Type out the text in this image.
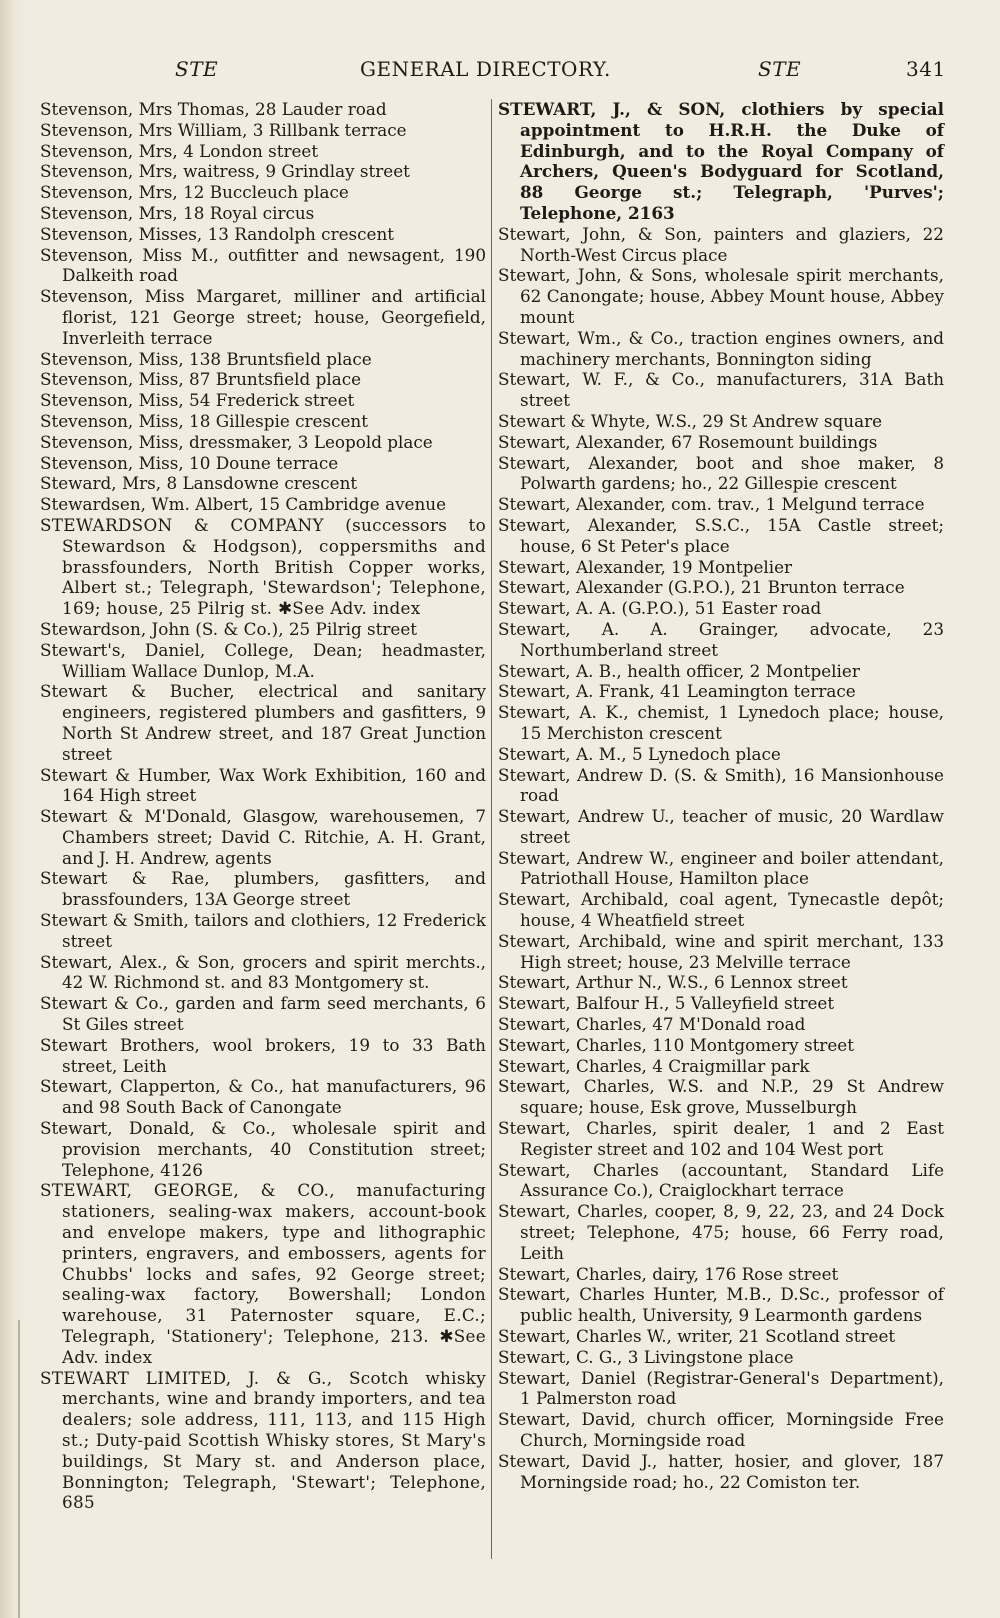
STE	GENERAL DIRECTORY.	STE	341
Stevenson, Mrs Thomas, 28 Lauder road
Stevenson, Mrs William, 3 Rillbank terrace
Stevenson, Mrs, 4 London street
Stevenson, Mrs, waitress, 9 Grindlay street
Stevenson, Mrs, 12 Buccleuch place
Stevenson, Mrs, 18 Royal circus
Stevenson, Misses, 13 Randolph crescent
Stevenson, Miss M., outfitter and newsagent, 190 Dalkeith road
Stevenson, Miss Margaret, milliner and artificial florist, 121 George street; house, Georgefield, Inverleith terrace
Stevenson, Miss, 138 Bruntsfield place
Stevenson, Miss, 87 Bruntsfield place
Stevenson, Miss, 54 Frederick street
Stevenson, Miss, 18 Gillespie crescent
Stevenson, Miss, dressmaker, 3 Leopold place
Stevenson, Miss, 10 Doune terrace
Steward, Mrs, 8 Lansdowne crescent
Stewardsen, Wm. Albert, 15 Cambridge avenue
STEWARDSON & COMPANY (successors to Stewardson & Hodgson), coppersmiths and brassfounders, North British Copper works, Albert st.; Telegraph, 'Stewardson'; Telephone, 169; house, 25 Pilrig st. ✱See Adv. index
Stewardson, John (S. & Co.), 25 Pilrig street
Stewart's, Daniel, College, Dean; headmaster, William Wallace Dunlop, M.A.
Stewart & Bucher, electrical and sanitary engineers, registered plumbers and gasfitters, 9 North St Andrew street, and 187 Great Junction street
Stewart & Humber, Wax Work Exhibition, 160 and 164 High street
Stewart & M'Donald, Glasgow, warehousemen, 7 Chambers street; David C. Ritchie, A. H. Grant, and J. H. Andrew, agents
Stewart & Rae, plumbers, gasfitters, and brassfounders, 13A George street
Stewart & Smith, tailors and clothiers, 12 Frederick street
Stewart, Alex., & Son, grocers and spirit merchts., 42 W. Richmond st. and 83 Montgomery st.
Stewart & Co., garden and farm seed merchants, 6 St Giles street
Stewart Brothers, wool brokers, 19 to 33 Bath street, Leith
Stewart, Clapperton, & Co., hat manufacturers, 96 and 98 South Back of Canongate
Stewart, Donald, & Co., wholesale spirit and provision merchants, 40 Constitution street; Telephone, 4126
STEWART, GEORGE, & CO., manufacturing stationers, sealing-wax makers, account-book and envelope makers, type and lithographic printers, engravers, and embossers, agents for Chubbs' locks and safes, 92 George street; sealing-wax factory, Bowershall; London warehouse, 31 Paternoster square, E.C.; Telegraph, 'Stationery'; Telephone, 213. ✱See Adv. index
STEWART LIMITED, J. & G., Scotch whisky merchants, wine and brandy importers, and tea dealers; sole address, 111, 113, and 115 High st.; Duty-paid Scottish Whisky stores, St Mary's buildings, St Mary st. and Anderson place, Bonnington; Telegraph, 'Stewart'; Telephone, 685
STEWART, J., & SON, clothiers by special appointment to H.R.H. the Duke of Edinburgh, and to the Royal Company of Archers, Queen's Bodyguard for Scotland, 88 George st.; Telegraph, 'Purves'; Telephone, 2163
Stewart, John, & Son, painters and glaziers, 22 North-West Circus place
Stewart, John, & Sons, wholesale spirit merchants, 62 Canongate; house, Abbey Mount house, Abbey mount
Stewart, Wm., & Co., traction engines owners, and machinery merchants, Bonnington siding
Stewart, W. F., & Co., manufacturers, 31A Bath street
Stewart & Whyte, W.S., 29 St Andrew square
Stewart, Alexander, 67 Rosemount buildings
Stewart, Alexander, boot and shoe maker, 8 Polwarth gardens; ho., 22 Gillespie crescent
Stewart, Alexander, com. trav., 1 Melgund terrace
Stewart, Alexander, S.S.C., 15A Castle street; house, 6 St Peter's place
Stewart, Alexander, 19 Montpelier
Stewart, Alexander (G.P.O.), 21 Brunton terrace
Stewart, A. A. (G.P.O.), 51 Easter road
Stewart, A. A. Grainger, advocate, 23 Northumberland street
Stewart, A. B., health officer, 2 Montpelier
Stewart, A. Frank, 41 Leamington terrace
Stewart, A. K., chemist, 1 Lynedoch place; house, 15 Merchiston crescent
Stewart, A. M., 5 Lynedoch place
Stewart, Andrew D. (S. & Smith), 16 Mansionhouse road
Stewart, Andrew U., teacher of music, 20 Wardlaw street
Stewart, Andrew W., engineer and boiler attendant, Patriothall House, Hamilton place
Stewart, Archibald, coal agent, Tynecastle depôt; house, 4 Wheatfield street
Stewart, Archibald, wine and spirit merchant, 133 High street; house, 23 Melville terrace
Stewart, Arthur N., W.S., 6 Lennox street
Stewart, Balfour H., 5 Valleyfield street
Stewart, Charles, 47 M'Donald road
Stewart, Charles, 110 Montgomery street
Stewart, Charles, 4 Craigmillar park
Stewart, Charles, W.S. and N.P., 29 St Andrew square; house, Esk grove, Musselburgh
Stewart, Charles, spirit dealer, 1 and 2 East Register street and 102 and 104 West port
Stewart, Charles (accountant, Standard Life Assurance Co.), Craiglockhart terrace
Stewart, Charles, cooper, 8, 9, 22, 23, and 24 Dock street; Telephone, 475; house, 66 Ferry road, Leith
Stewart, Charles, dairy, 176 Rose street
Stewart, Charles Hunter, M.B., D.Sc., professor of public health, University, 9 Learmonth gardens
Stewart, Charles W., writer, 21 Scotland street
Stewart, C. G., 3 Livingstone place
Stewart, Daniel (Registrar-General's Department), 1 Palmerston road
Stewart, David, church officer, Morningside Free Church, Morningside road
Stewart, David J., hatter, hosier, and glover, 187 Morningside road; ho., 22 Comiston ter.
